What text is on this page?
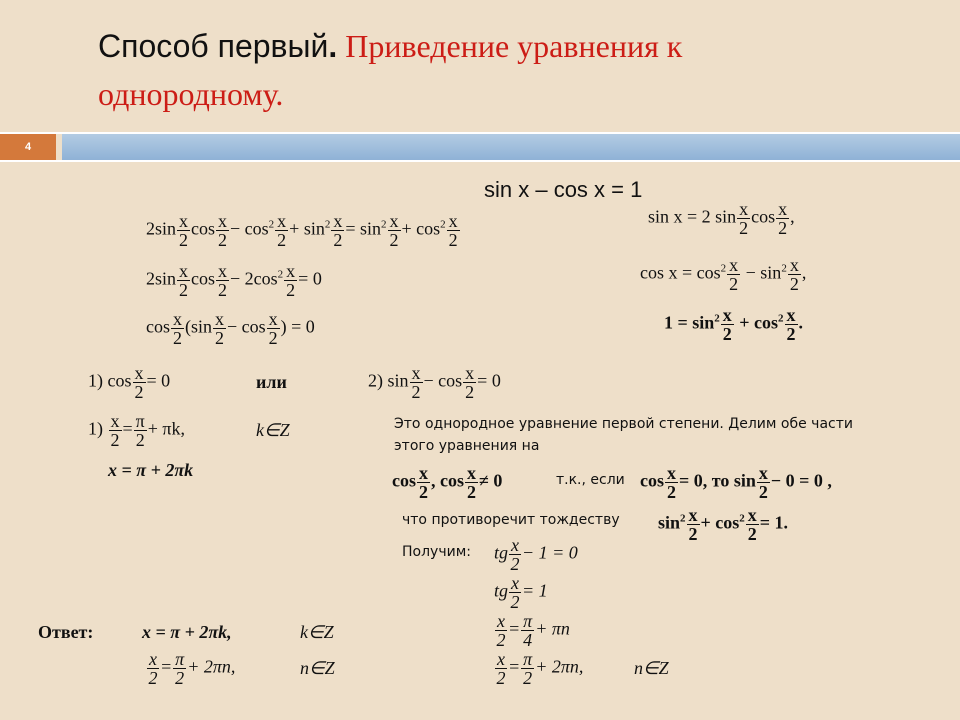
Способ первый. Приведение уравнения к
однородному.
4
sin x – cos x = 1
sin x = 2 $\sin \frac{x}{2}$ $\cos \frac{x}{2}$ ,
$\cos x = \cos^2 \frac{x}{2} - \sin^2 \frac{x}{2}$ ,
$1 = \sin^2 \frac{x}{2} + \cos^2 \frac{x}{2}$ .
$2\sin \frac{x}{2}$ $\cos \frac{x}{2} - \cos^2 \frac{x}{2} + \sin^2 \frac{x}{2} = \sin^2 \frac{x}{2} + \cos^2 \frac{x}{2}$
$2\sin \frac{x}{2}$ $\cos \frac{x}{2} - 2\cos^2 \frac{x}{2} = 0$
$\cos \frac{x}{2} (\sin \frac{x}{2} - \cos \frac{x}{2}$ ) = 0
1) $\cos \frac{x}{2} = 0$	или	2) $\sin \frac{x}{2} - \cos \frac{x}{2} = 0$
$1) \frac{x}{2} = \frac{\pi}{2} + \pi k$,	k∈Z
x = π + 2πk
Это однородное уравнение первой степени. Делим обе части
этого уравнения на
$\cos \frac{x}{2}$ , $\cos \frac{x}{2} \ne 0$	т.к., если $\cos \frac{x}{2} = 0$, то $\sin \frac{x}{2} - 0 = 0$ ,
что противоречит тождеству $\sin^2 \frac{x}{2} + \cos^2 \frac{x}{2} = 1$.
Получим: tg $\frac{x}{2} - 1 = 0$
tg $\frac{x}{2} = 1$
$\frac{x}{2} = \frac{\pi}{4} + \pi n$
$\frac{x}{2} = \frac{\pi}{2} + 2\pi n$,	n∈Z
Ответ:	x = π + 2πk,	k∈Z
$\frac{x}{2} = \frac{\pi}{2} + 2\pi n$,	n∈Z
